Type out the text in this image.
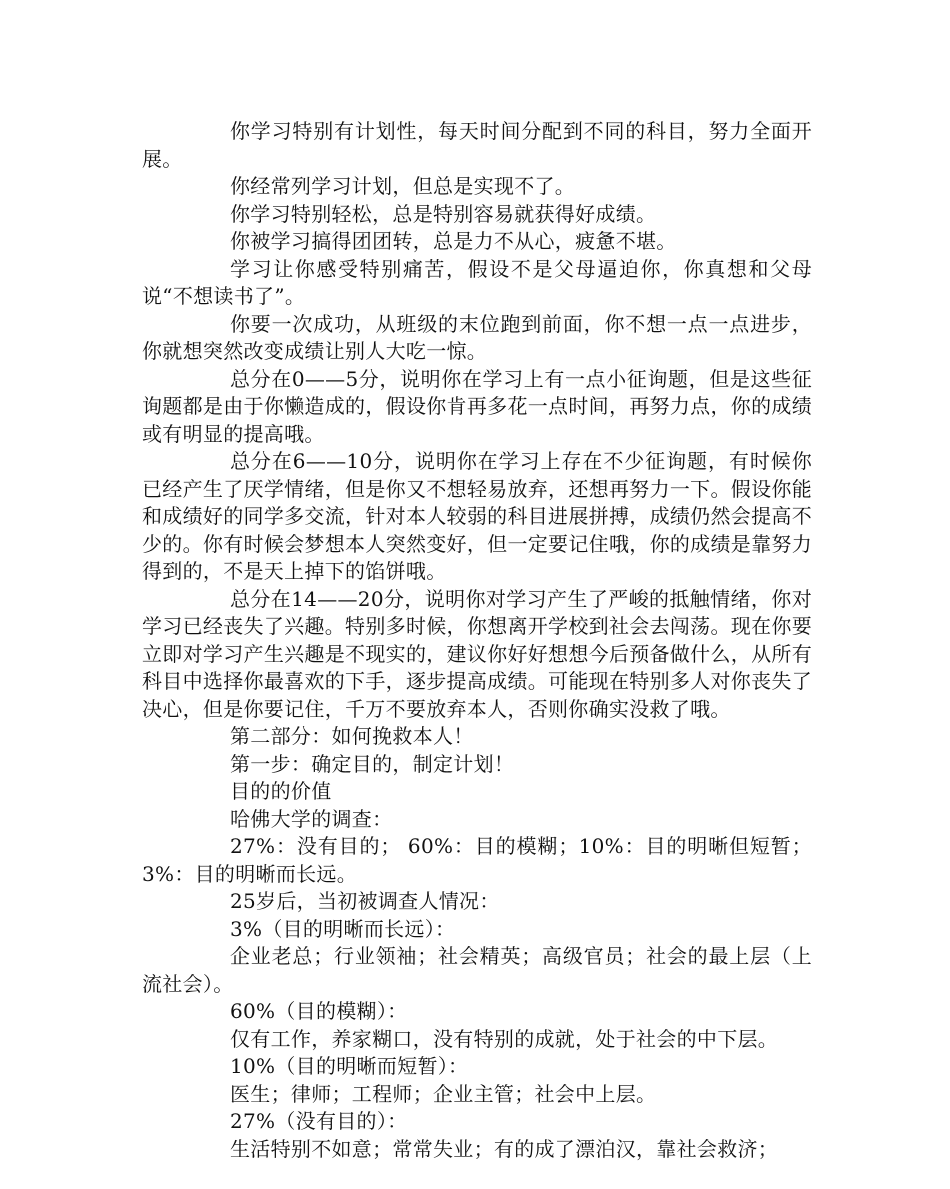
你学习特别有计划性，每天时间分配到不同的科目，努力全面开展。

你经常列学习计划，但总是实现不了。

你学习特别轻松，总是特别容易就获得好成绩。

你被学习搞得团团转，总是力不从心，疲惫不堪。

学习让你感受特别痛苦，假设不是父母逼迫你，你真想和父母说“不想读书了”。

你要一次成功，从班级的末位跑到前面，你不想一点一点进步，你就想突然改变成绩让别人大吃一惊。

总分在0——5分，说明你在学习上有一点小征询题，但是这些征询题都是由于你懒造成的，假设你肯再多花一点时间，再努力点，你的成绩或有明显的提高哦。

总分在6——10分，说明你在学习上存在不少征询题，有时候你已经产生了厌学情绪，但是你又不想轻易放弃，还想再努力一下。假设你能和成绩好的同学多交流，针对本人较弱的科目进展拼搏，成绩仍然会提高不少的。你有时候会梦想本人突然变好，但一定要记住哦，你的成绩是靠努力得到的，不是天上掉下的馅饼哦。

总分在14——20分，说明你对学习产生了严峻的抵触情绪，你对学习已经丧失了兴趣。特别多时候，你想离开学校到社会去闯荡。现在你要立即对学习产生兴趣是不现实的，建议你好好想想今后预备做什么，从所有科目中选择你最喜欢的下手，逐步提高成绩。可能现在特别多人对你丧失了决心，但是你要记住，千万不要放弃本人，否则你确实没救了哦。

第二部分：如何挽救本人！

第一步：确定目的，制定计划！

目的的价值

哈佛大学的调查：

27%：没有目的； 60%：目的模糊；10%：目的明晰但短暂；3%：目的明晰而长远。

25岁后，当初被调查人情况：

3%（目的明晰而长远）：

企业老总；行业领袖；社会精英；高级官员；社会的最上层（上流社会）。

60%（目的模糊）：

仅有工作，养家糊口，没有特别的成就，处于社会的中下层。

10%（目的明晰而短暂）：

医生；律师；工程师；企业主管；社会中上层。

27%（没有目的）：

生活特别不如意；常常失业；有的成了漂泊汉，靠社会救济；
